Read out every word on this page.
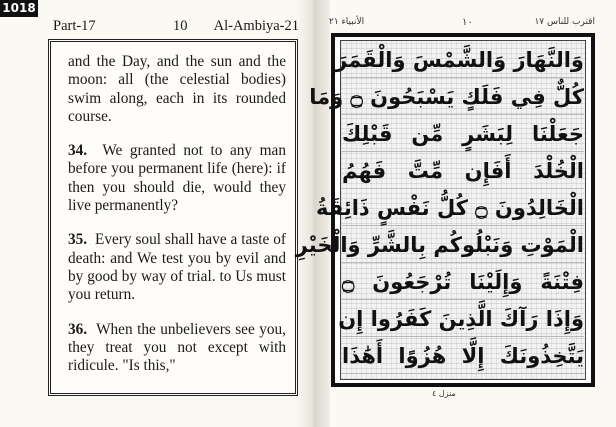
1018
Part-17	10 Al-Ambiya-21

and the Day, and the sun and the moon: all (the celestial bodies) swim along, each in its rounded course.

34. We granted not to any man before you permanent life (here): if then you should die, would they live permanently?

35. Every soul shall have a taste of death: and We test you by evil and by good by way of trial. to Us must you return.

36. When the unbelievers see you, they treat you not except with ridicule. "Is this,"

الأنبياء ٢١	١٠	اقترب للناس ١٧
وَالنَّهَارَ وَالشَّمْسَ وَالْقَمَرَ
كُلٌّ فِي فَلَكٍ يَسْبَحُونَ ۝ وَمَا
جَعَلْنَا لِبَشَرٍ مِّن قَبْلِكَ
الْخُلْدَ أَفَإِن مِّتَّ فَهُمُ
الْخَالِدُونَ ۝ كُلُّ نَفْسٍ ذَائِقَةُ
الْمَوْتِ وَنَبْلُوكُم بِالشَّرِّ وَالْخَيْرِ
فِتْنَةً وَإِلَيْنَا تُرْجَعُونَ ۝
وَإِذَا رَآكَ الَّذِينَ كَفَرُوا إِن
يَتَّخِذُونَكَ إِلَّا هُزُوًا أَهَٰذَا
منزل ٤
